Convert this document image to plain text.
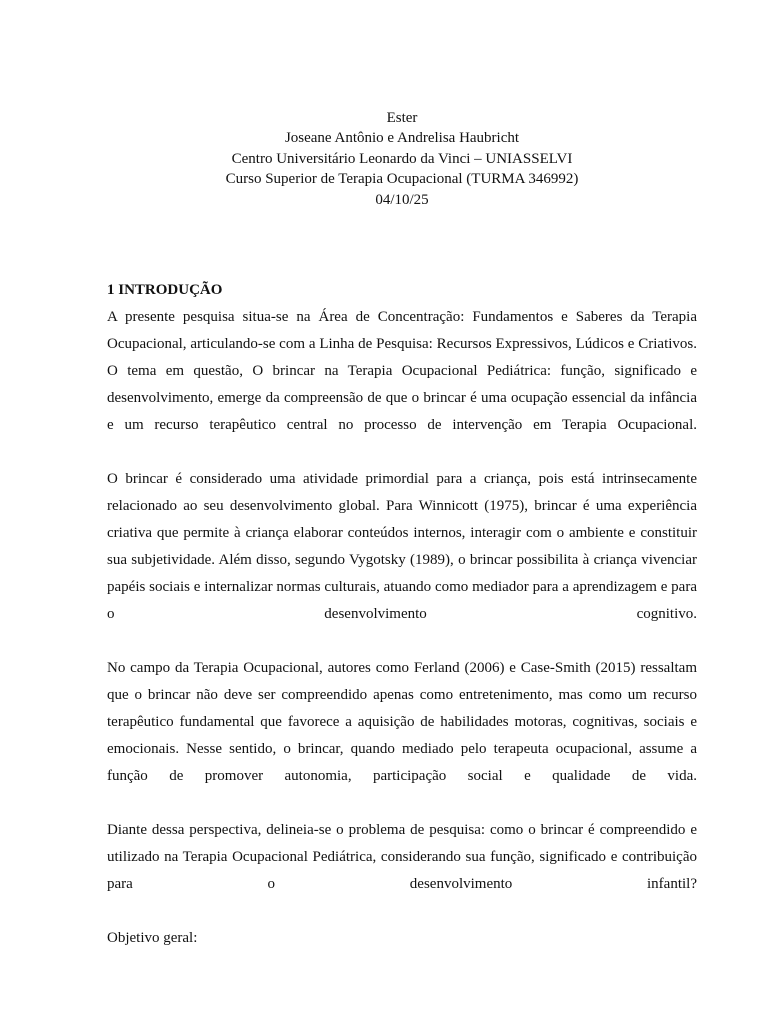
Ester
Joseane Antônio e Andrelisa Haubricht
Centro Universitário Leonardo da Vinci – UNIASSELVI
Curso Superior de Terapia Ocupacional (TURMA 346992)
04/10/25
1 INTRODUÇÃO

A presente pesquisa situa-se na Área de Concentração: Fundamentos e Saberes da Terapia Ocupacional, articulando-se com a Linha de Pesquisa: Recursos Expressivos, Lúdicos e Criativos. O tema em questão, O brincar na Terapia Ocupacional Pediátrica: função, significado e desenvolvimento, emerge da compreensão de que o brincar é uma ocupação essencial da infância e um recurso terapêutico central no processo de intervenção em Terapia Ocupacional.

O brincar é considerado uma atividade primordial para a criança, pois está intrinsecamente relacionado ao seu desenvolvimento global. Para Winnicott (1975), brincar é uma experiência criativa que permite à criança elaborar conteúdos internos, interagir com o ambiente e constituir sua subjetividade. Além disso, segundo Vygotsky (1989), o brincar possibilita à criança vivenciar papéis sociais e internalizar normas culturais, atuando como mediador para a aprendizagem e para o desenvolvimento cognitivo.

No campo da Terapia Ocupacional, autores como Ferland (2006) e Case-Smith (2015) ressaltam que o brincar não deve ser compreendido apenas como entretenimento, mas como um recurso terapêutico fundamental que favorece a aquisição de habilidades motoras, cognitivas, sociais e emocionais. Nesse sentido, o brincar, quando mediado pelo terapeuta ocupacional, assume a função de promover autonomia, participação social e qualidade de vida.

Diante dessa perspectiva, delineia-se o problema de pesquisa: como o brincar é compreendido e utilizado na Terapia Ocupacional Pediátrica, considerando sua função, significado e contribuição para o desenvolvimento infantil?

Objetivo geral:
